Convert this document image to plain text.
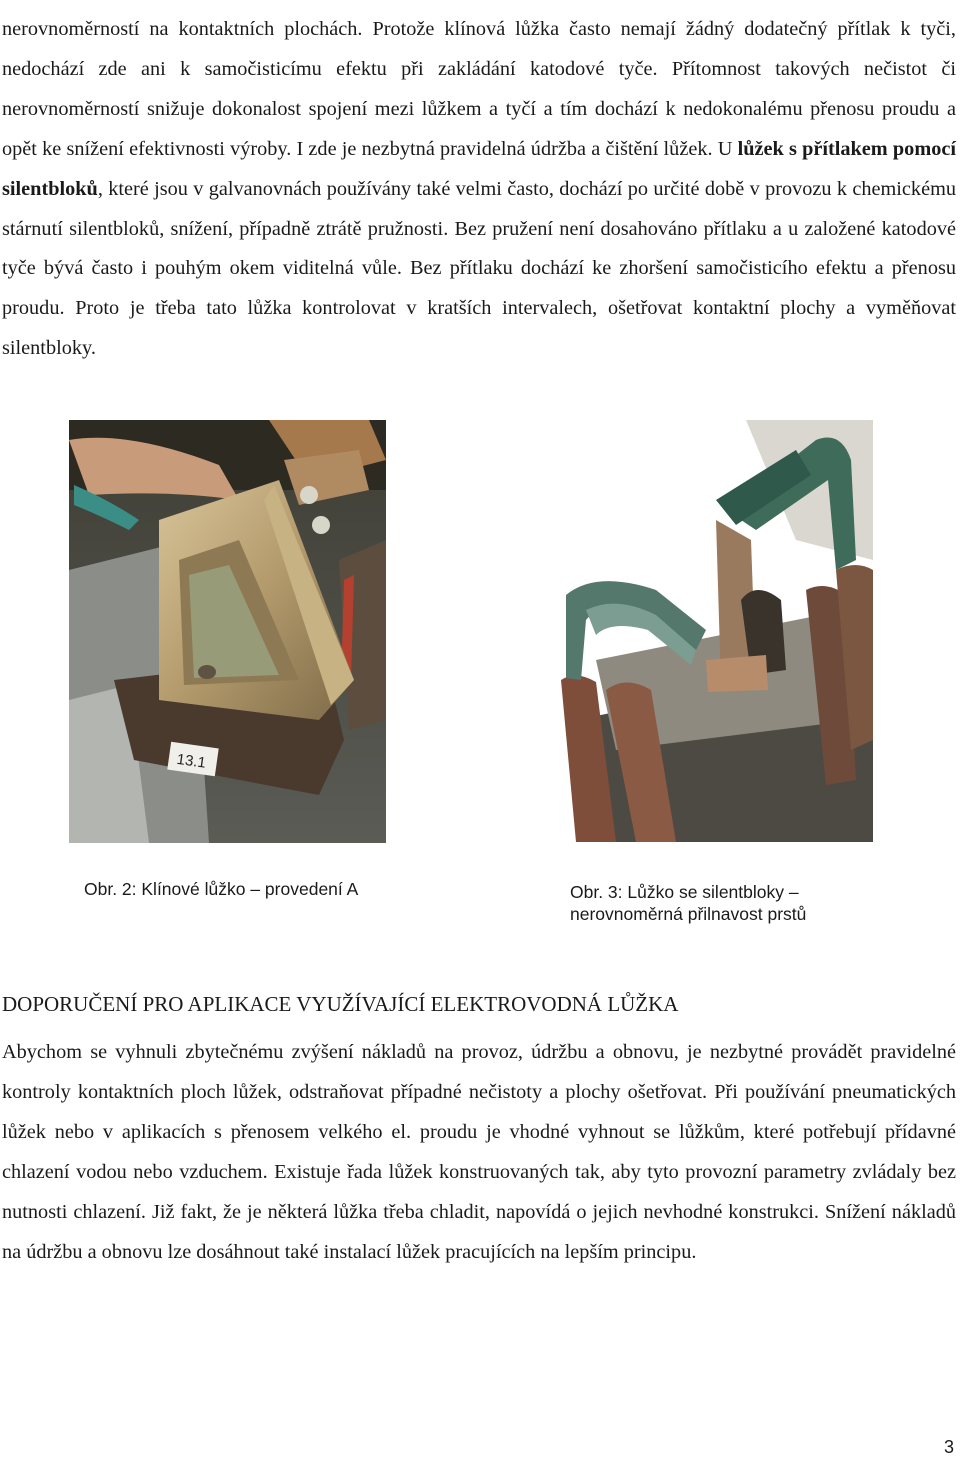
nerovnoměrností na kontaktních plochách. Protože klínová lůžka často nemají žádný dodatečný přítlak k tyči, nedochází zde ani k samočisticímu efektu při zakládání katodové tyče. Přítomnost takových nečistot či nerovnoměrností snižuje dokonalost spojení mezi lůžkem a tyčí a tím dochází k nedokonalému přenosu proudu a opět ke snížení efektivnosti výroby. I zde je nezbytná pravidelná údržba a čištění lůžek. U lůžek s přítlakem pomocí silentbloků, které jsou v galvanovnách používány také velmi často, dochází po určité době v provozu k chemickému stárnutí silentbloků, snížení, případně ztrátě pružnosti. Bez pružení není dosahováno přítlaku a u založené katodové tyče bývá často i pouhým okem viditelná vůle. Bez přítlaku dochází ke zhoršení samočisticího efektu a přenosu proudu. Proto je třeba tato lůžka kontrolovat v kratších intervalech, ošetřovat kontaktní plochy a vyměňovat silentbloky.

13.1
Obr. 2: Klínové lůžko – provedení A	Obr. 3: Lůžko se silentbloky –
nerovnoměrná přilnavost prstů
DOPORUČENÍ PRO APLIKACE VYUŽÍVAJÍCÍ ELEKTROVODNÁ LŮŽKA

Abychom se vyhnuli zbytečnému zvýšení nákladů na provoz, údržbu a obnovu, je nezbytné provádět pravidelné kontroly kontaktních ploch lůžek, odstraňovat případné nečistoty a plochy ošetřovat. Při používání pneumatických lůžek nebo v aplikacích s přenosem velkého el. proudu je vhodné vyhnout se lůžkům, které potřebují přídavné chlazení vodou nebo vzduchem. Existuje řada lůžek konstruovaných tak, aby tyto provozní parametry zvládaly bez nutnosti chlazení. Již fakt, že je některá lůžka třeba chladit, napovídá o jejich nevhodné konstrukci. Snížení nákladů na údržbu a obnovu lze dosáhnout také instalací lůžek pracujících na lepším principu.

3
